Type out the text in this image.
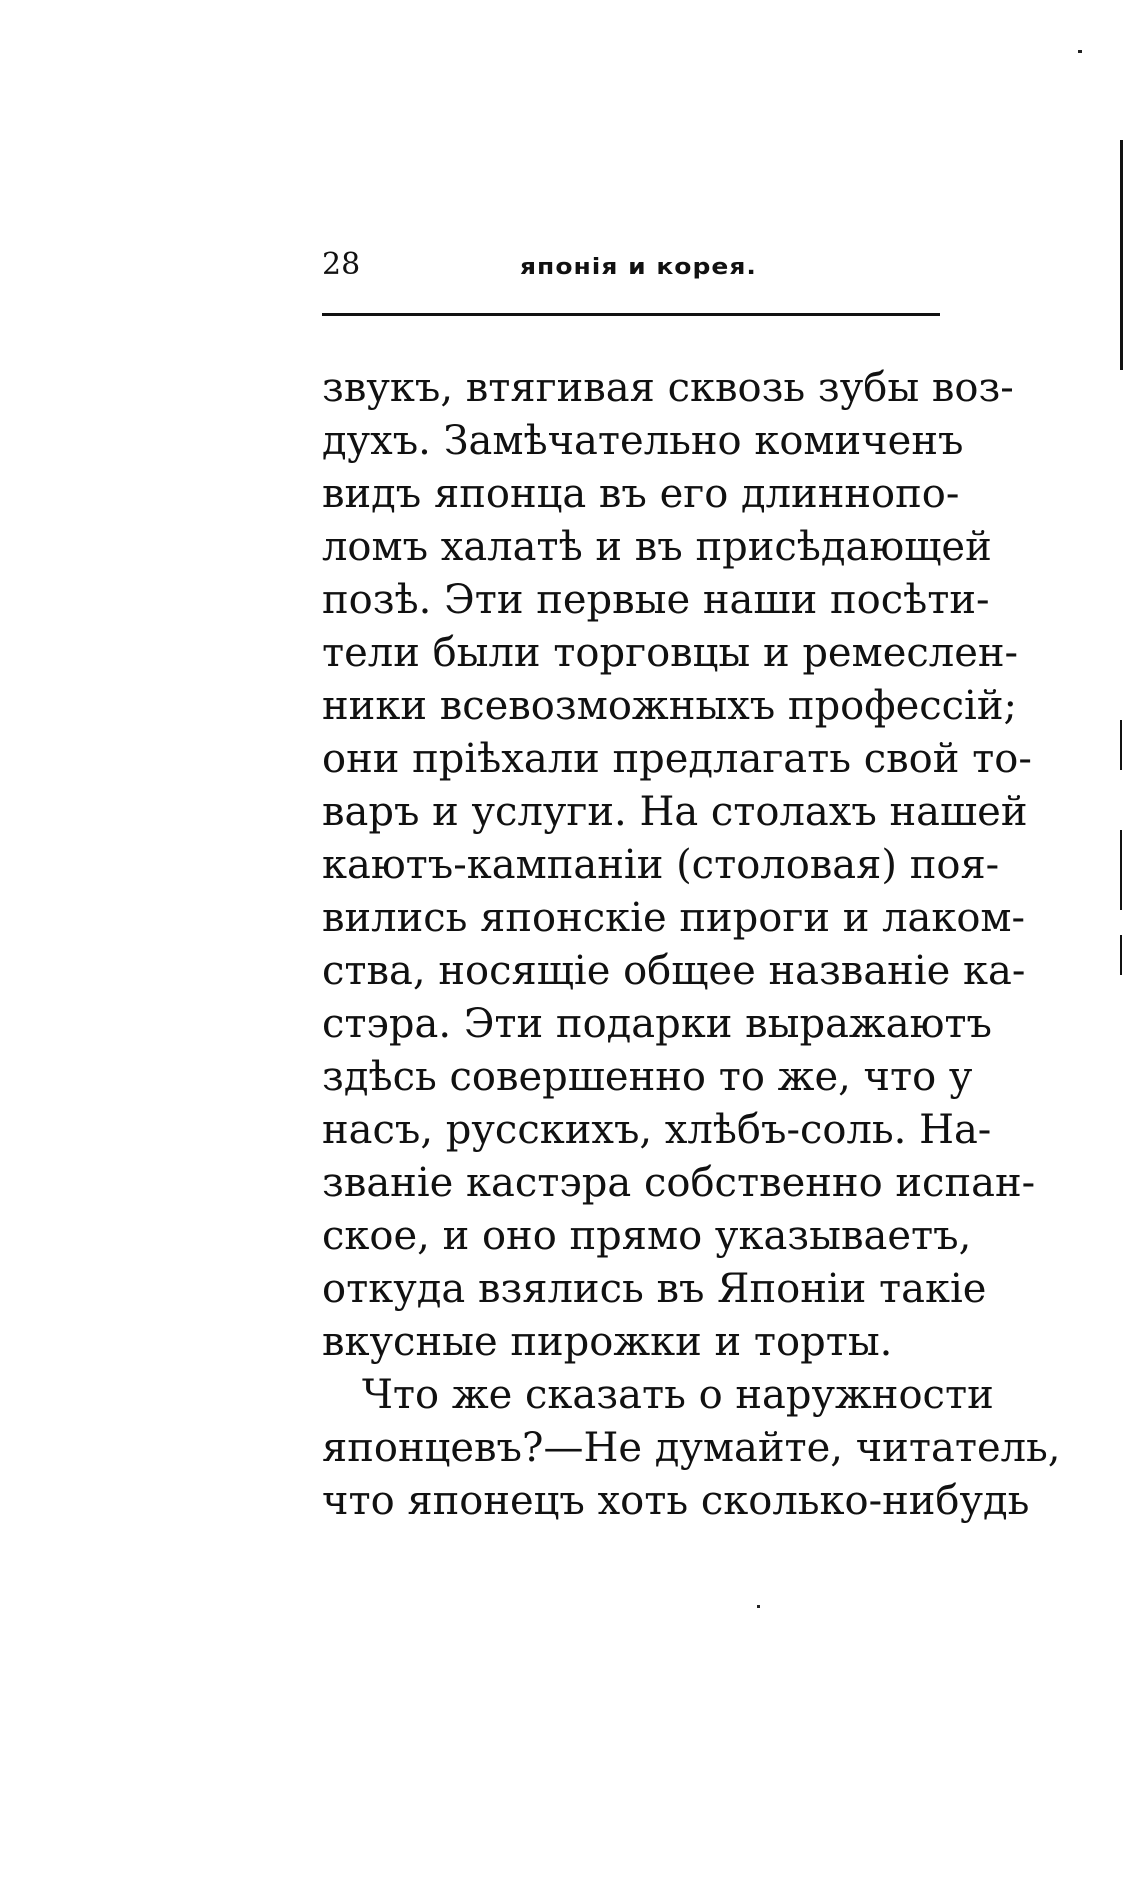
28	японія и корея.
звукъ, втягивая сквозь зубы воз-
духъ. Замѣчательно комиченъ
видъ японца въ его длиннопо-
ломъ халатѣ и въ присѣдающей
позѣ. Эти первые наши посѣти-
тели были торговцы и ремеслен-
ники всевозможныхъ профессій;
они пріѣхали предлагать свой то-
варъ и услуги. На столахъ нашей
каютъ-кампаніи (столовая) поя-
вились японскіе пироги и лаком-
ства, носящіе общее названіе ка-
стэра. Эти подарки выражаютъ
здѣсь совершенно то же, что у
насъ, русскихъ, хлѣбъ-соль. На-
званіе кастэра собственно испан-
ское, и оно прямо указываетъ,
откуда взялись въ Японіи такіе
вкусные пирожки и торты.
Что же сказать о наружности
японцевъ?—Не думайте, читатель,
что японецъ хоть сколько-нибудь
